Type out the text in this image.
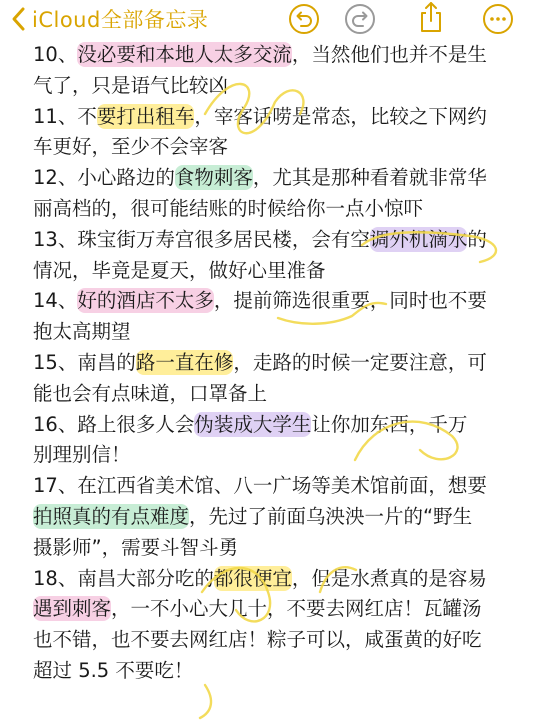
iCloud全部备忘录
10、没必要和本地人太多交流，当然他们也并不是生
气了，只是语气比较凶
11、不要打出租车，宰客话唠是常态，比较之下网约
车更好，至少不会宰客
12、小心路边的食物刺客，尤其是那种看着就非常华
丽高档的，很可能结账的时候给你一点小惊吓
13、珠宝街万寿宫很多居民楼，会有空调外机滴水的
情况，毕竟是夏天，做好心里准备
14、好的酒店不太多，提前筛选很重要，同时也不要
抱太高期望
15、南昌的路一直在修，走路的时候一定要注意，可
能也会有点味道，口罩备上
16、路上很多人会伪装成大学生让你加东西，千万
别理别信！
17、在江西省美术馆、八一广场等美术馆前面，想要
拍照真的有点难度，先过了前面乌泱泱一片的“野生
摄影师”，需要斗智斗勇
18、南昌大部分吃的都很便宜，但是水煮真的是容易
遇到刺客，一不小心大几十，不要去网红店！瓦罐汤
也不错，也不要去网红店！粽子可以，咸蛋黄的好吃
超过 5.5 不要吃！
